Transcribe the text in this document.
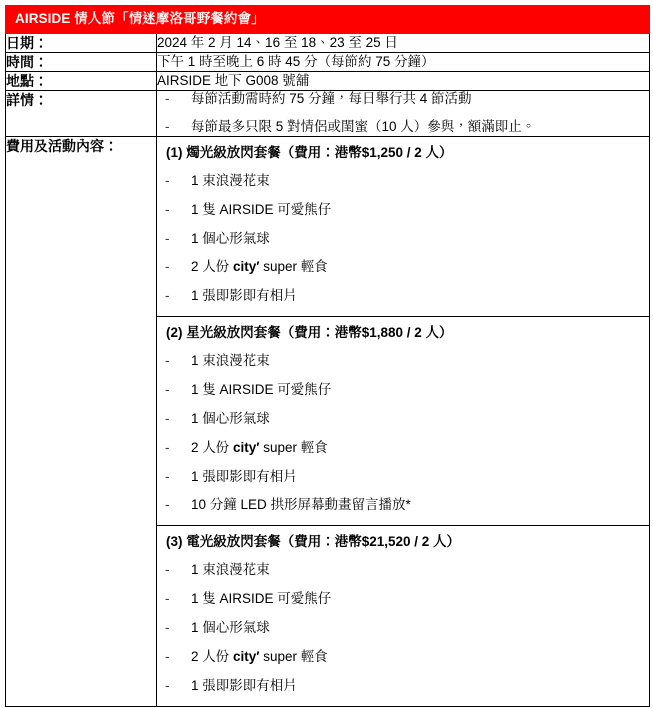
AIRSIDE 情人節「情迷摩洛哥野餐約會」	

日期：	2024 年 2 月 14、16 至 18、23 至 25 日
時間：	下午 1 時至晚上 6 時 45 分（每節約 75 分鐘）
地點：	AIRSIDE 地下 G008 號舖
詳情：	
-每節活動需時約 75 分鐘，每日舉行共 4 節活動
- 每節最多只限 5 對情侶或閨蜜（10 人）參與，額滿即止。

費用及活動內容：	(1) 燭光級放閃套餐（費用：港幣$1,250 / 2 人）
- 1 束浪漫花束
- 1 隻 AIRSIDE 可愛熊仔
- 1 個心形氣球
- 2 人份 city′ super 輕食
- 1 張即影即有相片
(2) 星光級放閃套餐（費用：港幣$1,880 / 2 人）
- 1 束浪漫花束
- 1 隻 AIRSIDE 可愛熊仔
- 1 個心形氣球
- 2 人份 city′ super 輕食
- 1 張即影即有相片
- 10 分鐘 LED 拱形屏幕動畫留言播放*
(3) 電光級放閃套餐（費用：港幣$21,520 / 2 人）
- 1 束浪漫花束
- 1 隻 AIRSIDE 可愛熊仔
- 1 個心形氣球
- 2 人份 city′ super 輕食
- 1 張即影即有相片
